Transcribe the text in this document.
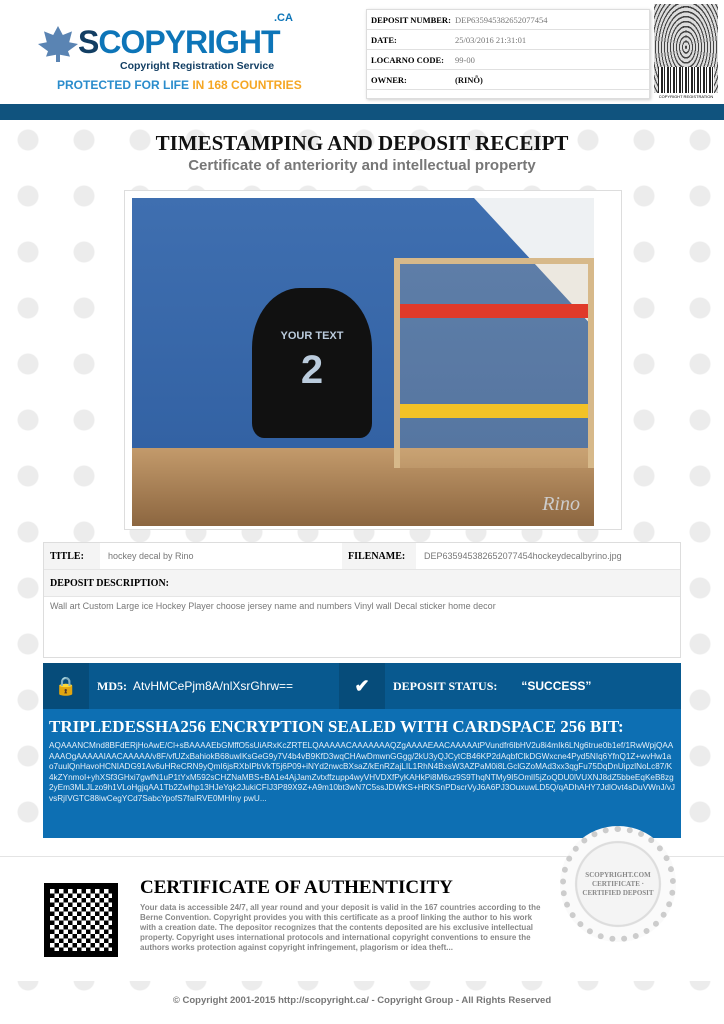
SCOPYRIGHT
.CA
Copyright Registration Service
PROTECTED FOR LIFE IN 168 COUNTRIES
DEPOSIT NUMBER: DEP635945382652077454
DATE:	25/03/2016 21:31:01
LOCARNO CODE:	99-00
OWNER:	(RINÕ)
COPYRIGHT REGISTRATION
TIMESTAMPING AND DEPOSIT RECEIPT
Certificate of anteriority and intellectual property
YOUR TEXT
2
Rino
TITLE:	hockey decal by Rino	FILENAME:	DEP635945382652077454hockeydecalbyrino.jpg
DEPOSIT DESCRIPTION:
Wall art Custom Large ice Hockey Player choose jersey name and numbers Vinyl wall Decal sticker home decor
🔒	MD5: AtvHMCePjm8A/nlXsrGhrw==	✔	DEPOSIT STATUS:	“SUCCESS”
TRIPLEDESSHA256 ENCRYPTION SEALED WITH CARDSPACE 256 BIT:
AQAAANCMnd8BFdERjHoAwE/Cl+sBAAAAEbGMffO5sUiARxKcZRTELQAAAAACAAAAAAAQZgAAAAEAACAAAAAtPVundfr6lbHV2u8i4mIk6LNg6true0b1ef/1RwWpjQAAAAAOgAAAAAIAACAAAAA/v8F/vfUZxBahiokB68uwIKsGeG9y7V4b4vB9KfD3wqCHAwDmwnGGgg/2kU3yQJCytCB46KP2dAqbfClkDGWxcne4Pyd5NIq6YfnQ1Z+wvHw1ao7uulQnHavoHCNIADG91Av6uHReCRN9yQmI6jsRXbIPbVkT5j6P09+iNYd2nwcBXsaZ/kEnRZajLIL1RhN4BxsW3AZPaM0i8LGclGZoMAd3xx3qgFu75DqDnUipzlNoLc87/K4kZYnmoI+yhXSf3GHxi7gwfN1uP1tYxM592sCHZNaMBS+BA1e4AjJamZvtxffzupp4wyVHVDXfPyKAHkPi8M6xz9S9ThqNTMy9I5OmlI5jZoQDU0lVUXNJ8dZ5bbeEqKeB8zg2yEm3MLJLzo9h1VLoHgjqAA1Tb2Zwlhp13HJeYqk2JukiCFIJ3P89X9Z+A9m10bt3wN7C5ssJDWKS+HRKSnPDscrVyJ6A6PJ3OuxuwLD5Q/qADhAHY7JdlOvt4sDuVWnJ/vJvsRjIVGTC88iwCegYCd7SabcYpofS7faIRVE0MHIny pwU...
CERTIFICATE OF AUTHENTICITY
Your data is accessible 24/7, all year round and your deposit is valid in the 167 countries according to the Berne Convention. Copyright provides you with this certificate as a proof linking the author to his work with a creation date. The depositor recognizes that the contents deposited are his exclusive intellectual property. Copyright uses international protocols and international copyright conventions to ensure the authors works protection against copyright infringement, plagorism or idea theft...
SCOPYRIGHT.COM CERTIFICATE · CERTIFIED DEPOSIT
© Copyright 2001-2015 http://scopyright.ca/ - Copyright Group - All Rights Reserved
